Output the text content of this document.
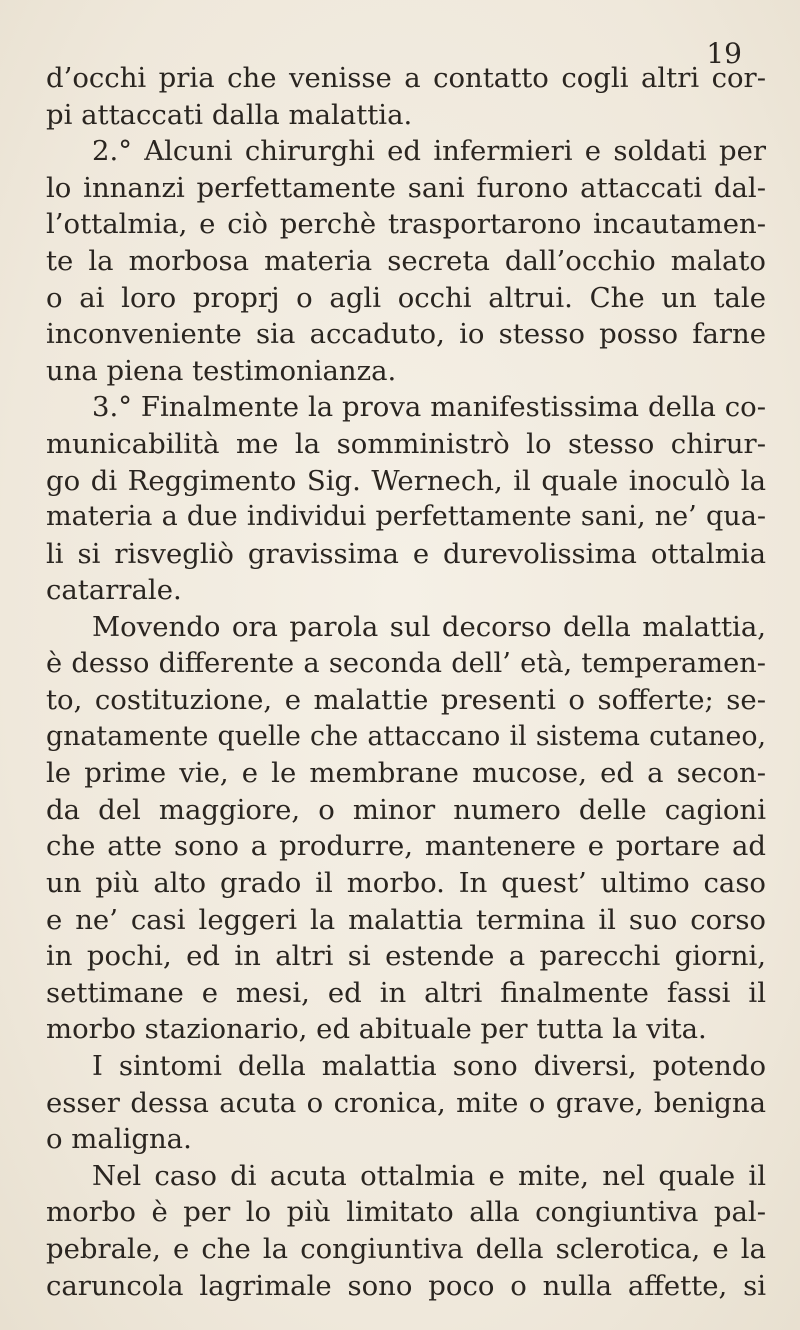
19
d’occhi pria che venisse a contatto cogli altri cor-
pi attaccati dalla malattia.
2.° Alcuni chirurghi ed infermieri e soldati per
lo innanzi perfettamente sani furono attaccati dal-
l’ottalmia, e ciò perchè trasportarono incautamen-
te la morbosa materia secreta dall’occhio malato
o ai loro proprj o agli occhi altrui. Che un tale
inconveniente sia accaduto, io stesso posso farne
una piena testimonianza.
3.° Finalmente la prova manifestissima della co-
municabilità me la somministrò lo stesso chirur-
go di Reggimento Sig. Wernech, il quale inoculò la
materia a due individui perfettamente sani, ne’ qua-
li si risvegliò gravissima e durevolissima ottalmia
catarrale.
Movendo ora parola sul decorso della malattia,
è desso differente a seconda dell’ età, temperamen-
to, costituzione, e malattie presenti o sofferte; se-
gnatamente quelle che attaccano il sistema cutaneo,
le prime vie, e le membrane mucose, ed a secon-
da del maggiore, o minor numero delle cagioni
che atte sono a produrre, mantenere e portare ad
un più alto grado il morbo. In quest’ ultimo caso
e ne’ casi leggeri la malattia termina il suo corso
in pochi, ed in altri si estende a parecchi giorni,
settimane e mesi, ed in altri finalmente fassi il
morbo stazionario, ed abituale per tutta la vita.
I sintomi della malattia sono diversi, potendo
esser dessa acuta o cronica, mite o grave, benigna
o maligna.
Nel caso di acuta ottalmia e mite, nel quale il
morbo è per lo più limitato alla congiuntiva pal-
pebrale, e che la congiuntiva della sclerotica, e la
caruncola lagrimale sono poco o nulla affette, si
